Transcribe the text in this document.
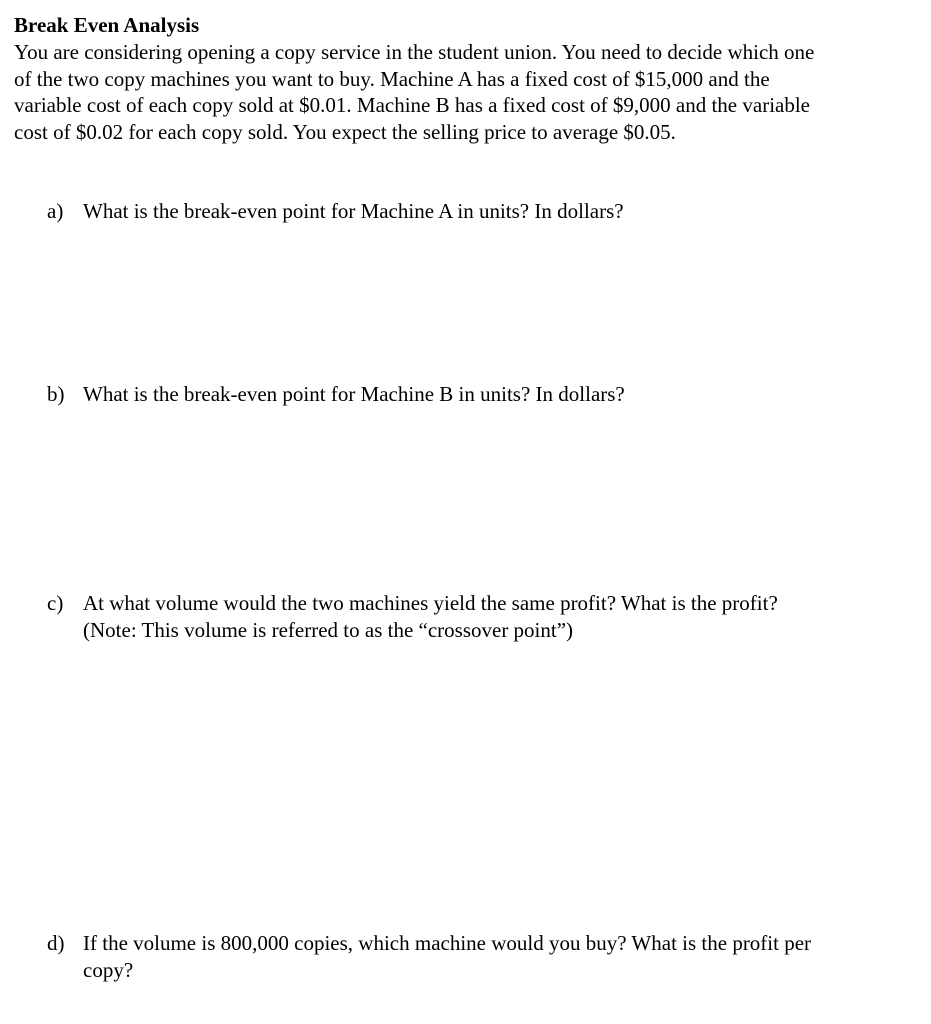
Break Even Analysis
You are considering opening a copy service in the student union. You need to decide which one
of the two copy machines you want to buy. Machine A has a fixed cost of $15,000 and the
variable cost of each copy sold at $0.01. Machine B has a fixed cost of $9,000 and the variable
cost of $0.02 for each copy sold. You expect the selling price to average $0.05.
a) What is the break-even point for Machine A in units? In dollars?
b) What is the break-even point for Machine B in units? In dollars?
c) At what volume would the two machines yield the same profit? What is the profit?
(Note: This volume is referred to as the “crossover point”)
d) If the volume is 800,000 copies, which machine would you buy? What is the profit per
copy?
